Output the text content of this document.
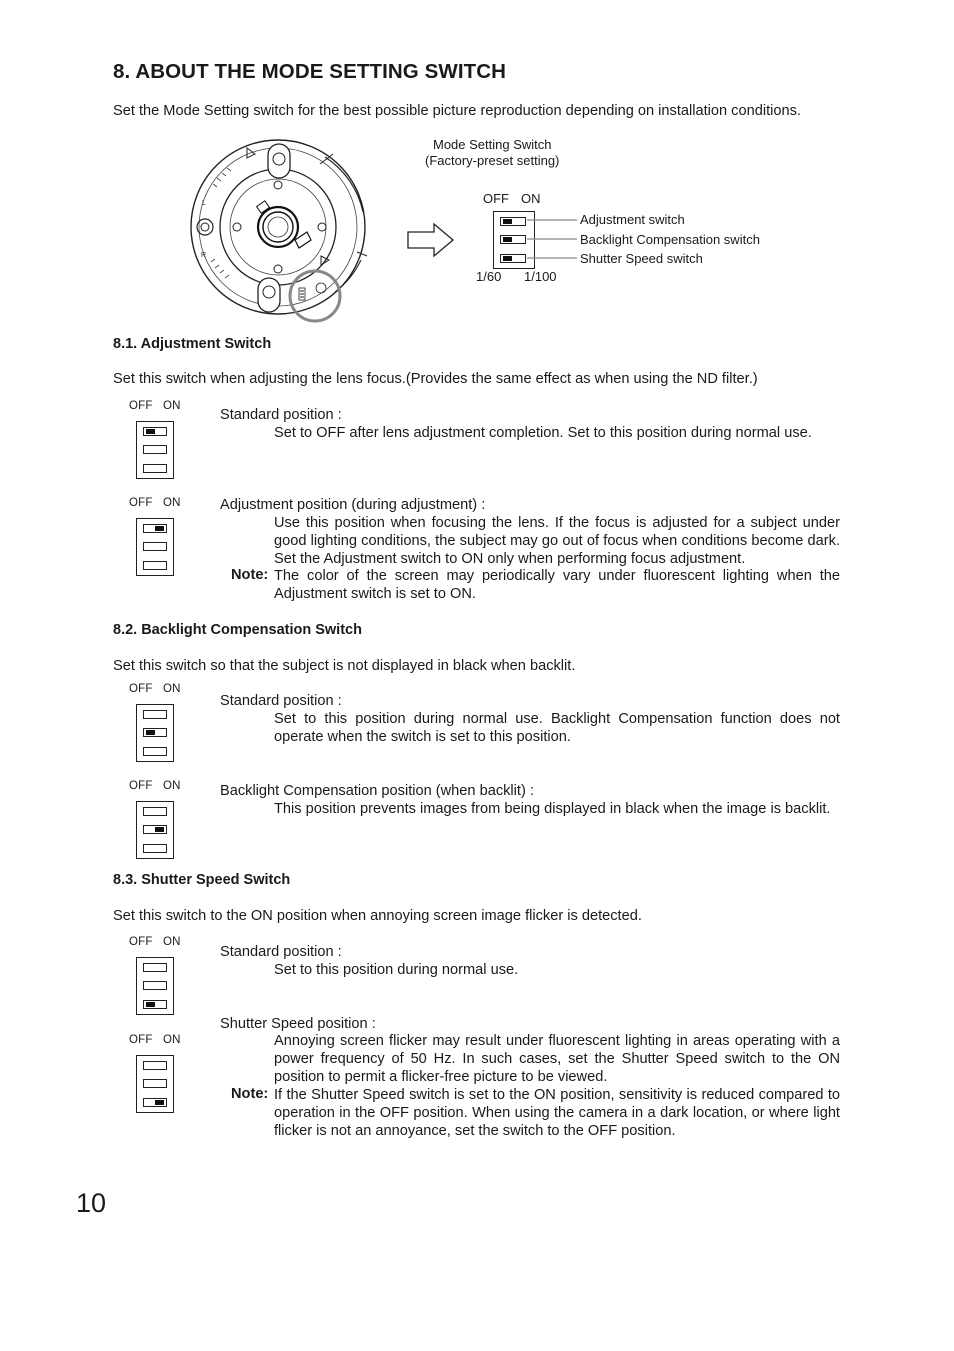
8. ABOUT THE MODE SETTING SWITCH

Set the Mode Setting switch for the best possible picture reproduction depending on installation conditions.

L
R
Mode Setting Switch
(Factory-preset setting)
OFF ON
Adjustment switch
Backlight Compensation switch
Shutter Speed switch
1/60 1/100
8.1. Adjustment Switch

Set this switch when adjusting the lens focus.(Provides the same effect as when using the ND filter.)

OFF ON

Standard position :

Set to OFF after lens adjustment completion. Set to this position during normal use.

OFF ON	Adjustment position (during adjustment) :

Use this position when focusing the lens. If the focus is adjusted for a subject under good lighting conditions, the subject may go out of focus when conditions become dark. Set the Adjustment switch to ON only when performing focus adjustment.

Note: The color of the screen may periodically vary under fluorescent lighting when the Adjustment switch is set to ON.

8.2. Backlight Compensation Switch

Set this switch so that the subject is not displayed in black when backlit.

OFF ON

Standard position :

Set to this position during normal use. Backlight Compensation function does not operate when the switch is set to this position.

OFF ON	Backlight Compensation position (when backlit) :

This position prevents images from being displayed in black when the image is backlit.

8.3. Shutter Speed Switch

Set this switch to the ON position when annoying screen image flicker is detected.

OFF ON

Standard position :

Set to this position during normal use.

OFF ON

Shutter Speed position :

Annoying screen flicker may result under fluorescent lighting in areas operating with a power frequency of 50 Hz. In such cases, set the Shutter Speed switch to the ON position to permit a flicker-free picture to be viewed.

Note: If the Shutter Speed switch is set to the ON position, sensitivity is reduced compared to operation in the OFF position. When using the camera in a dark location, or where light flicker is not an annoyance, set the switch to the OFF position.

10
